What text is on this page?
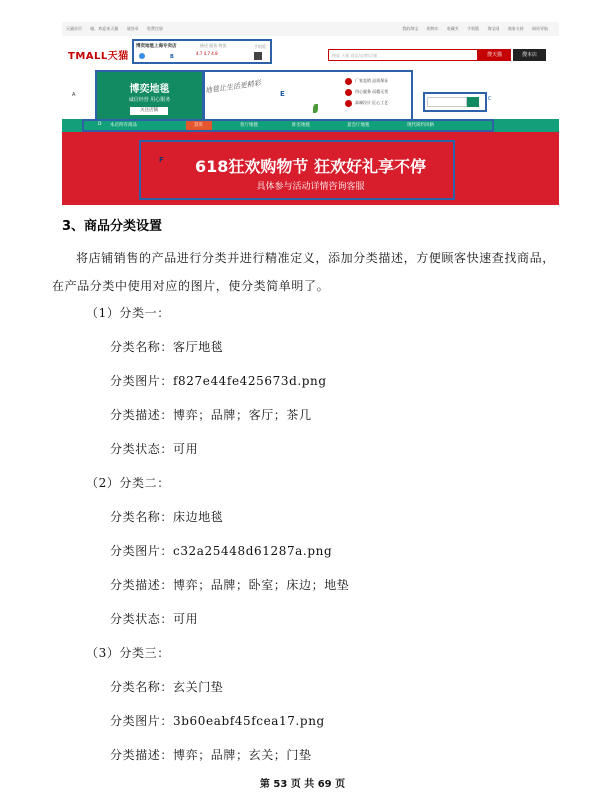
天猫首页 喵，欢迎来天猫 请登录 免费注册	我的淘宝 购物车 收藏夹 手机版 淘宝网 商家支持 网站导航
TMALL天猫
博奕地毯上海专卖店	描述 服务 物流
4.7 4.7 4.8
B
手机逛
搜索 天猫 商品/品牌/店铺	搜天猫	搜本店
A	博奕地毯
诚信经营 用心服务
关注店铺
地毯让生活更精彩	E
厂家直销 品质保证
用心服务 而精无忧
高端设计 匠心工艺
C
D 本店所有商品	首页	客厅地毯	卧室地毯	宴会厅地毯	现代简约风格
F	618狂欢购物节 狂欢好礼享不停
具体参与活动详情咨询客服
3、商品分类设置
将店铺销售的产品进行分类并进行精准定义，添加分类描述，方便顾客快速查找商品，在产品分类中使用对应的图片，使分类简单明了。
（1）分类一：
分类名称：客厅地毯
分类图片：f827e44fe425673d.png
分类描述：博弈；品牌；客厅；茶几
分类状态：可用
（2）分类二：
分类名称：床边地毯
分类图片：c32a25448d61287a.png
分类描述：博弈；品牌；卧室；床边；地垫
分类状态：可用
（3）分类三：
分类名称：玄关门垫
分类图片：3b60eabf45fcea17.png
分类描述：博弈；品牌；玄关；门垫
第 53 页 共 69 页
